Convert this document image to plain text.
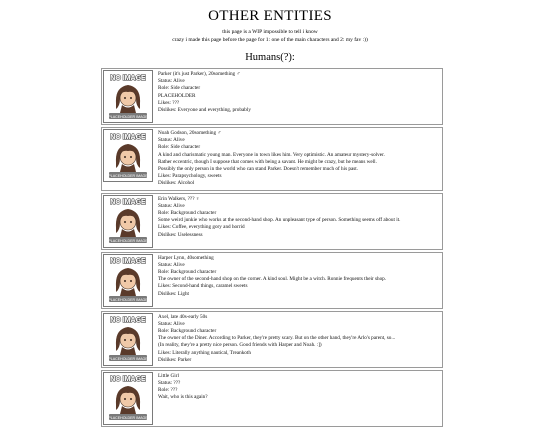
OTHER ENTITIES
this page is a WIP impossible to tell i know
crazy i made this page before the page for 1: one of the main characters and 2: my fav :))
Humans(?):
NO IMAGE
PLACEHOLDER IMAGE
Parker (it's just Parker), 20something ♂
Status: Alive
Role: Side character
PLACEHOLDER
Likes: ???
Dislikes: Everyone and everything, probably
NO IMAGE
PLACEHOLDER IMAGE
Noah Godson, 20something ♂
Status: Alive
Role: Side character
A kind and charismatic young man. Everyone in town likes him. Very optimistic. An amateur mystery-solver.
Rather eccentric, though I suppose that comes with being a savant. He might be crazy, but he means well.
Possibly the only person in the world who can stand Parker. Doesn't remember much of his past.
Likes: Parapsychology, sweets
Dislikes: Alcohol
NO IMAGE
PLACEHOLDER IMAGE
Erin Walkers, ??? ♀
Status: Alive
Role: Background character
Some weird junkie who works at the second-hand shop. An unpleasant type of person. Something seems off about it.
Likes: Coffee, everything gory and horrid
Dislikes: Uselessness
NO IMAGE
PLACEHOLDER IMAGE
Harper Lynn, 40something
Status: Alive
Role: Background character
The owner of the second-hand shop on the corner. A kind soul. Might be a witch. Ronnie frequents their shop.
Likes: Second-hand things, caramel sweets
Dislikes: Light
NO IMAGE
PLACEHOLDER IMAGE
Axel, late 40s-early 50s
Status: Alive
Role: Background character
The owner of the Diner. According to Parker, they're pretty scary. But on the other hand, they're Arlo's parent, so...
(In reality, they're a pretty nice person. Good friends with Harper and Noah. :])
Likes: Literally anything nautical, Treankoth
Dislikes: Parker
NO IMAGE
PLACEHOLDER IMAGE
Little Girl
Status: ???
Role: ???
Wait, who is this again?
